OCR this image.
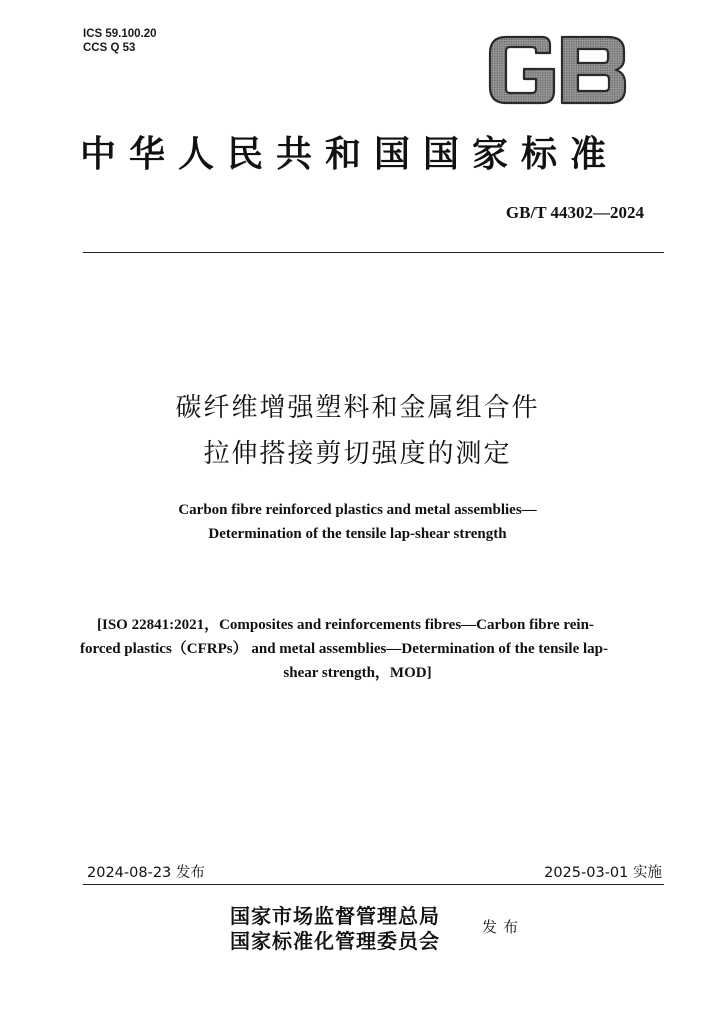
ICS 59.100.20
CCS Q 53
中华人民共和国国家标准
GB/T 44302—2024
碳纤维增强塑料和金属组合件
拉伸搭接剪切强度的测定
Carbon fibre reinforced plastics and metal assemblies—
Determination of the tensile lap-shear strength
[ISO 22841:2021，Composites and reinforcements fibres—Carbon fibre rein-
forced plastics（CFRPs） and metal assemblies—Determination of the tensile lap-
shear strength，MOD]
2024-08-23 发布	2025-03-01 实施
国家市场监督管理总局
国家标准化管理委员会
发布
